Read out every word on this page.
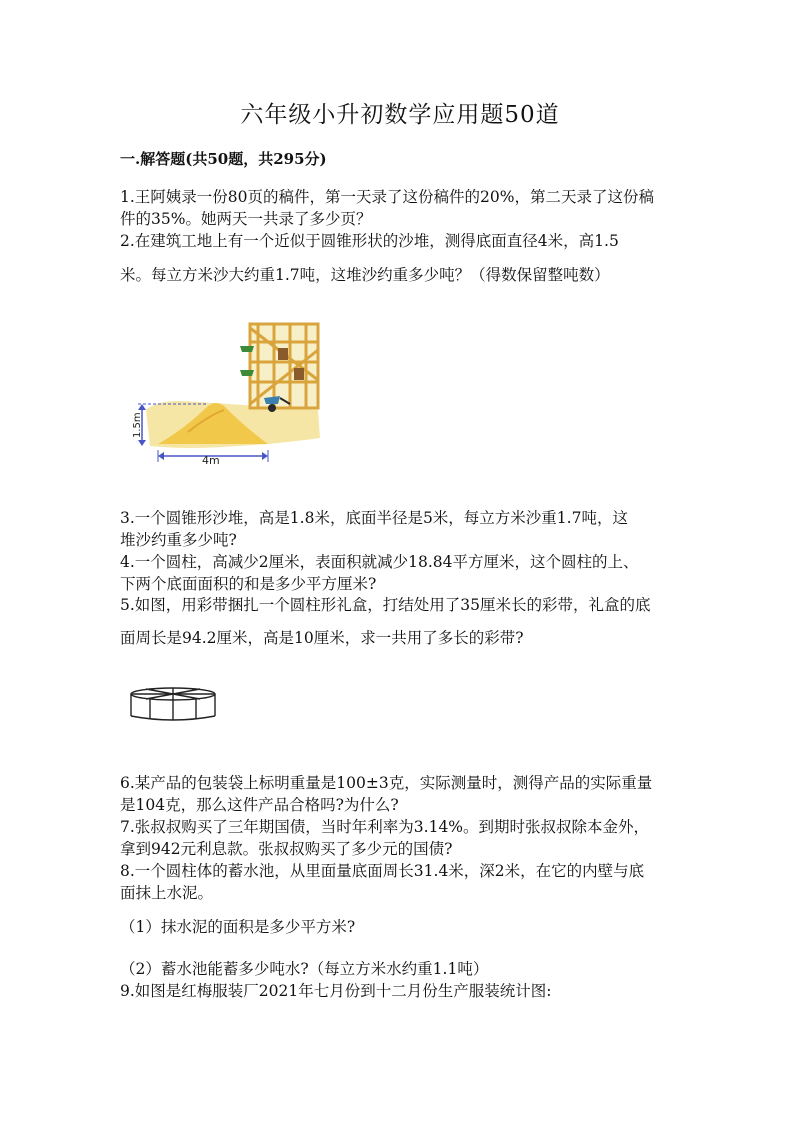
六年级小升初数学应用题50道
一.解答题(共50题，共295分)
1.王阿姨录一份80页的稿件，第一天录了这份稿件的20%，第二天录了这份稿
件的35%。她两天一共录了多少页？
2.在建筑工地上有一个近似于圆锥形状的沙堆，测得底面直径4米，高1.5
米。每立方米沙大约重1.7吨，这堆沙约重多少吨？（得数保留整吨数）
1.5m
4m
3.一个圆锥形沙堆，高是1.8米，底面半径是5米，每立方米沙重1.7吨，这
堆沙约重多少吨?
4.一个圆柱，高减少2厘米，表面积就减少18.84平方厘米，这个圆柱的上、
下两个底面面积的和是多少平方厘米?
5.如图，用彩带捆扎一个圆柱形礼盒，打结处用了35厘米长的彩带，礼盒的底
面周长是94.2厘米，高是10厘米，求一共用了多长的彩带?
6.某产品的包装袋上标明重量是100±3克，实际测量时，测得产品的实际重量
是104克，那么这件产品合格吗?为什么?
7.张叔叔购买了三年期国债，当时年利率为3.14%。到期时张叔叔除本金外，
拿到942元利息款。张叔叔购买了多少元的国债?
8.一个圆柱体的蓄水池，从里面量底面周长31.4米，深2米，在它的内壁与底
面抹上水泥。
（1）抹水泥的面积是多少平方米?
（2）蓄水池能蓄多少吨水?（每立方米水约重1.1吨）
9.如图是红梅服装厂2021年七月份到十二月份生产服装统计图:
